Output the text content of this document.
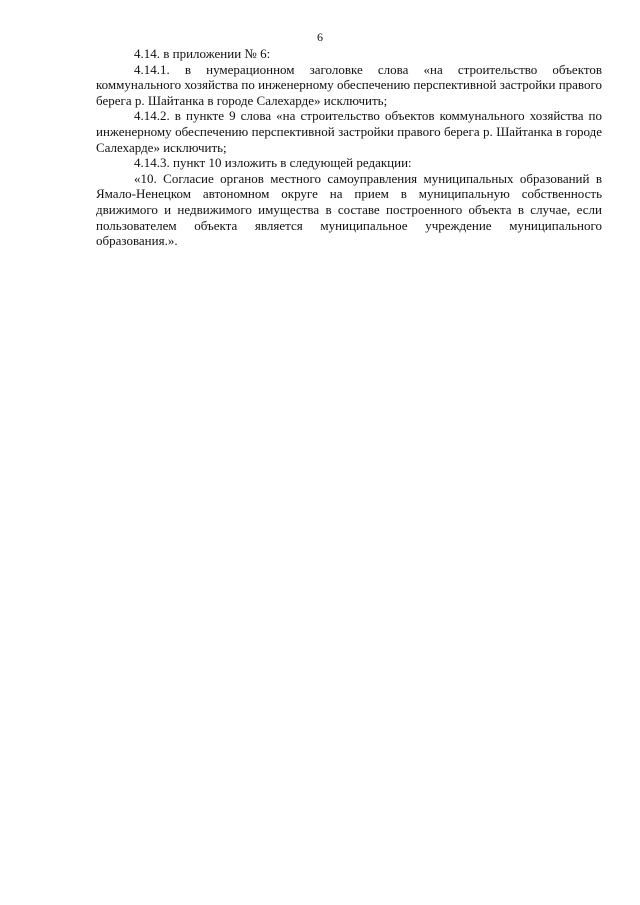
6

4.14. в приложении № 6:

4.14.1. в нумерационном заголовке слова «на строительство объектов коммунального хозяйства по инженерному обеспечению перспективной застройки правого берега р. Шайтанка в городе Салехарде» исключить;

4.14.2. в пункте 9 слова «на строительство объектов коммунального хозяйства по инженерному обеспечению перспективной застройки правого берега р. Шайтанка в городе Салехарде» исключить;

4.14.3. пункт 10 изложить в следующей редакции:

«10. Согласие органов местного самоуправления муниципальных образований в Ямало-Ненецком автономном округе на прием в муниципальную собственность движимого и недвижимого имущества в составе построенного объекта в случае, если пользователем объекта является муниципальное учреждение муниципального образования.».
